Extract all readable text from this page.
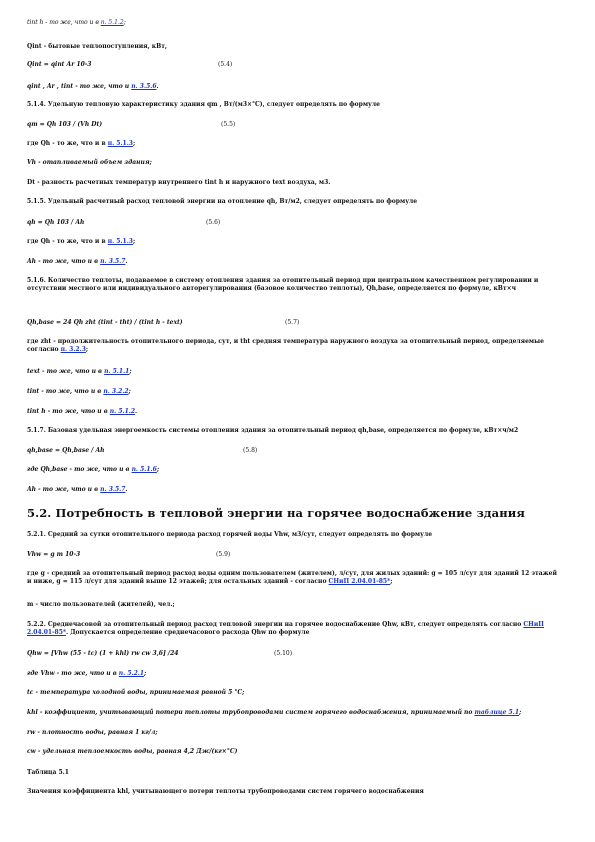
tint h - то же, что и в п. 5.1.2;
Qint - бытовые теплопоступления, кВт,
Qint = qint Ar 10-3	(5.4)
qint , Ar , tint - то же, что и п. 3.5.6.
5.1.4. Удельную тепловую характеристику здания qm , Вт/(м3×°С), следует определять по формуле
qm = Qh 103 / (Vh Dt)	(5.5)
где Qh - то же, что и в п. 5.1.3;
Vh - отапливаемый объем здания;
Dt - разность расчетных температур внутреннего tint h и наружного text воздуха, м3.
5.1.5. Удельный расчетный расход тепловой энергии на отопление qh, Вт/м2, следует определять по формуле
qh = Qh 103 / Ah	(5.6)
где Qh - то же, что и в п. 5.1.3;
Ah - то же, что и в п. 3.5.7.
5.1.6. Количество теплоты, подаваемое в систему отопления здания за отопительный период при центральном качественном регулировании и отсутствии местного или индивидуального авторегулирования (базовое количество теплоты), Qh,base, определяется по формуле, кВт×ч
Qh,base = 24 Qh zht (tint - tht) / (tint h - text)	(5.7)
где zht - продолжительность отопительного периода, сут, и tht средняя температура наружного воздуха за отопительный период, определяемые согласно п. 3.2.3;
text - то же, что и в п. 5.1.1;
tint - то же, что и в п. 3.2.2;
tint h - то же, что и в п. 5.1.2.
5.1.7. Базовая удельная энергоемкость системы отопления здания за отопительный период qh,base, определяется по формуле, кВт×ч/м2
qh,base = Qh,base / Ah	(5.8)
где Qh,base - то же, что и в п. 5.1.6;
Ah - то же, что и в п. 3.5.7.
5.2.1. Средний за сутки отопительного периода расход горячей воды Vhw, м3/сут, следует определять по формуле
Vhw = g m 10-3	(5.9)
где g - средний за отопительный период расход воды одним пользователем (жителем), л/сут, для жилых зданий: g = 105 л/сут для зданий 12 этажей и ниже, g = 115 л/сут для зданий выше 12 этажей; для остальных зданий - согласно СНиП 2.04.01-85*;
m - число пользователей (жителей), чел.;
5.2.2. Среднечасовой за отопительный период расход тепловой энергии на горячее водоснабжение Qhw, кВт, следует определять согласно СНиП 2.04.01-85*. Допускается определение среднечасового расхода Qhw по формуле
Qhw = [Vhw (55 - tc) (1 + khl) rw cw 3,6] /24	(5.10)
где Vhw - то же, что и в п. 5.2.1;
tc - температура холодной воды, принимаемая равной 5 °С;
khl - коэффициент, учитывающий потери теплоты трубопроводами систем горячего водоснабжения, принимаемый по таблице 5.1;
rw - плотность воды, равная 1 кг/л;
cw - удельная теплоемкость воды, равная 4,2 Дж/(кг×°С)
Таблица 5.1
Значения коэффициента khl, учитывающего потери теплоты трубопроводами систем горячего водоснабжения
5.2. Потребность в тепловой энергии на горячее водоснабжение здания
